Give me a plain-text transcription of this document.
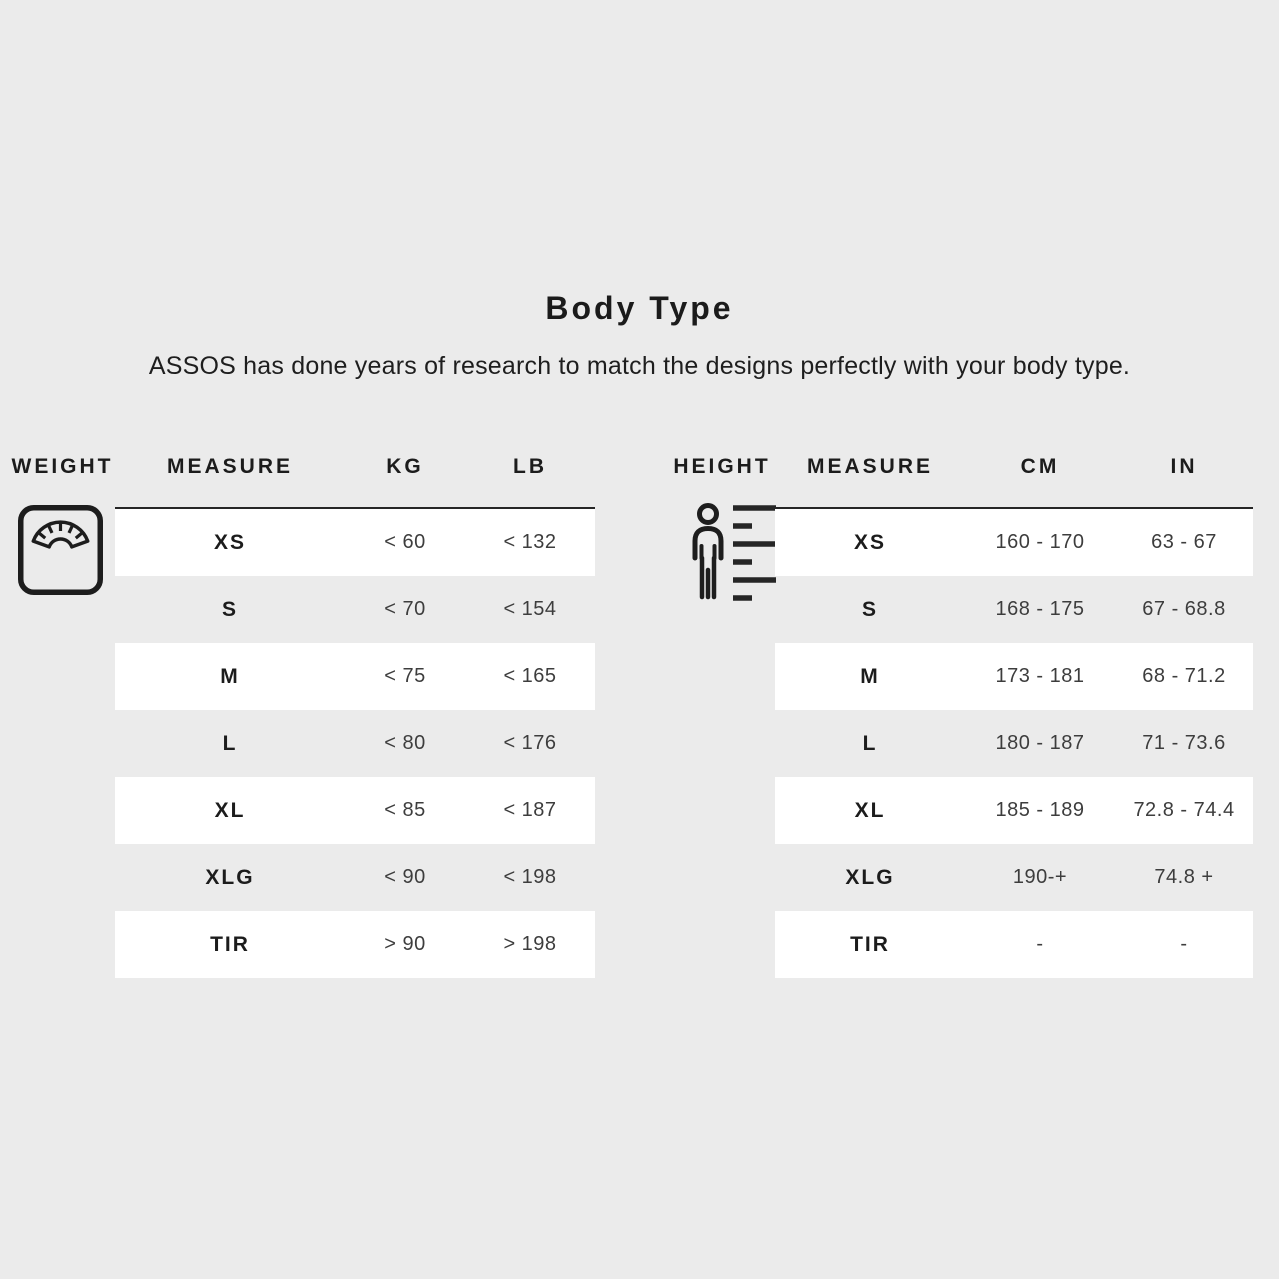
Body Type
ASSOS has done years of research to match the designs perfectly with your body type.
WEIGHT	MEASURE	KG	LB
XS	< 60	< 132
S	< 70	< 154
M	< 75	< 165
L	< 80	< 176
XL	< 85	< 187
XLG	< 90	< 198
TIR	> 90	> 198
HEIGHT	MEASURE	CM	IN
XS	160 - 170	63 - 67
S	168 - 175	67 - 68.8
M	173 - 181	68 - 71.2
L	180 - 187	71 - 73.6
XL	185 - 189	72.8 - 74.4
XLG	190-+	74.8 +
TIR	-	-
